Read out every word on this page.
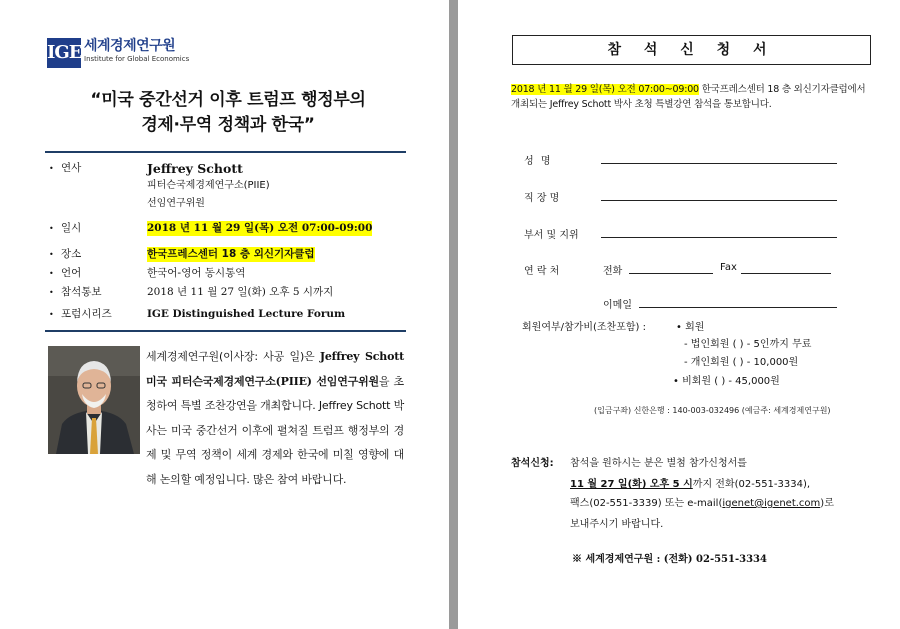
IGE 세계경제연구원
Institute for Global Economics
“미국 중간선거 이후 트럼프 행정부의
경제·무역 정책과 한국”
• 연사	Jeffrey Schott
피터슨국제경제연구소(PIIE)
선임연구위원
• 일시	2018 년 11 월 29 일(목) 오전 07:00-09:00
• 장소	한국프레스센터 18 층 외신기자클럽
• 언어	한국어-영어 동시통역
• 참석통보	2018 년 11 월 27 일(화) 오후 5 시까지
• 포럼시리즈	IGE Distinguished Lecture Forum
세계경제연구원(이사장: 사공 일)은 Jeffrey Schott 미국 피터슨국제경제연구소(PIIE) 선임연구위원을 초청하여 특별 조찬강연을 개최합니다. Jeffrey Schott 박사는 미국 중간선거 이후에 펼쳐질 트럼프 행정부의 경제 및 무역 정책이 세계 경제와 한국에 미칠 영향에 대해 논의할 예정입니다. 많은 참여 바랍니다.
참 석 신 청 서
2018 년 11 월 29 일(목) 오전 07:00~09:00 한국프레스센터 18 층 외신기자클럽에서 개최되는 Jeffrey Schott 박사 초청 특별강연 참석을 통보합니다.
성 명
직 장 명
부서 및 지위
연 락 처	전화	Fax
이메일
회원여부/참가비(조찬포함) :	• 회원
- 법인회원 ( ) - 5인까지 무료
- 개인회원 ( ) - 10,000원
• 비회원 ( ) - 45,000원
(입금구좌) 신한은행 : 140-003-032496 (예금주: 세계경제연구원)
참석신청: 참석을 원하시는 분은 별첨 참가신청서를
11 월 27 일(화) 오후 5 시까지 전화(02-551-3334),
팩스(02-551-3339) 또는 e-mail(igenet@igenet.com)로
보내주시기 바랍니다.
※ 세계경제연구원 : (전화) 02-551-3334
